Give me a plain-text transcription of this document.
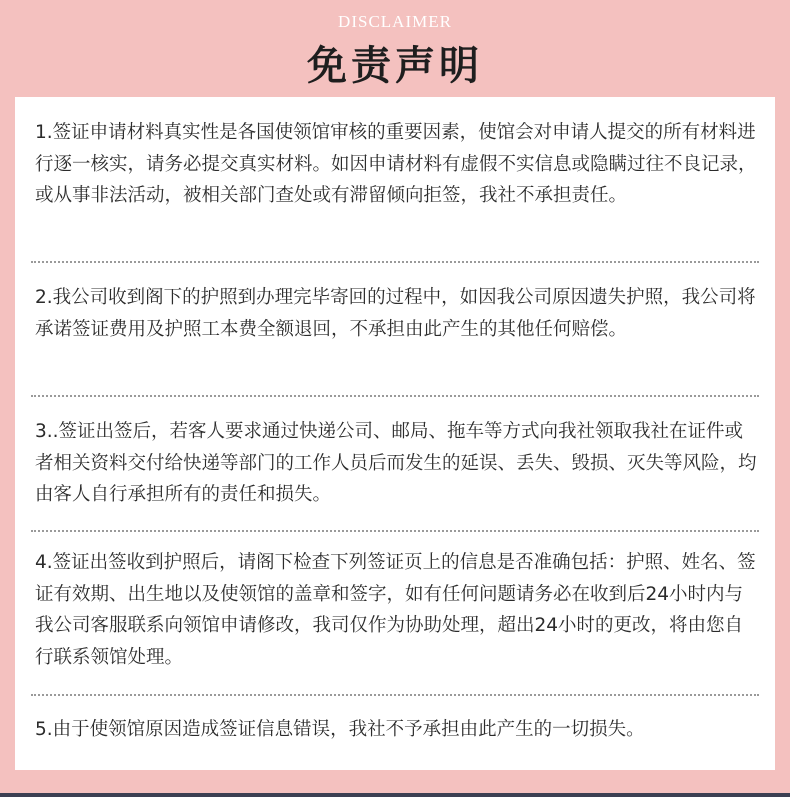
DISCLAIMER
免责声明
1.签证申请材料真实性是各国使领馆审核的重要因素，使馆会对申请人提交的所有材料进行逐一核实，请务必提交真实材料。如因申请材料有虚假不实信息或隐瞒过往不良记录，或从事非法活动，被相关部门查处或有滞留倾向拒签，我社不承担责任。
2.我公司收到阁下的护照到办理完毕寄回的过程中，如因我公司原因遗失护照，我公司将承诺签证费用及护照工本费全额退回，不承担由此产生的其他任何赔偿。
3..签证出签后，若客人要求通过快递公司、邮局、拖车等方式向我社领取我社在证件或者相关资料交付给快递等部门的工作人员后而发生的延误、丢失、毁损、灭失等风险，均由客人自行承担所有的责任和损失。
4.签证出签收到护照后，请阁下检查下列签证页上的信息是否准确包括：护照、姓名、签证有效期、出生地以及使领馆的盖章和签字，如有任何问题请务必在收到后24小时内与我公司客服联系向领馆申请修改，我司仅作为协助处理，超出24小时的更改，将由您自行联系领馆处理。
5.由于使领馆原因造成签证信息错误，我社不予承担由此产生的一切损失。
